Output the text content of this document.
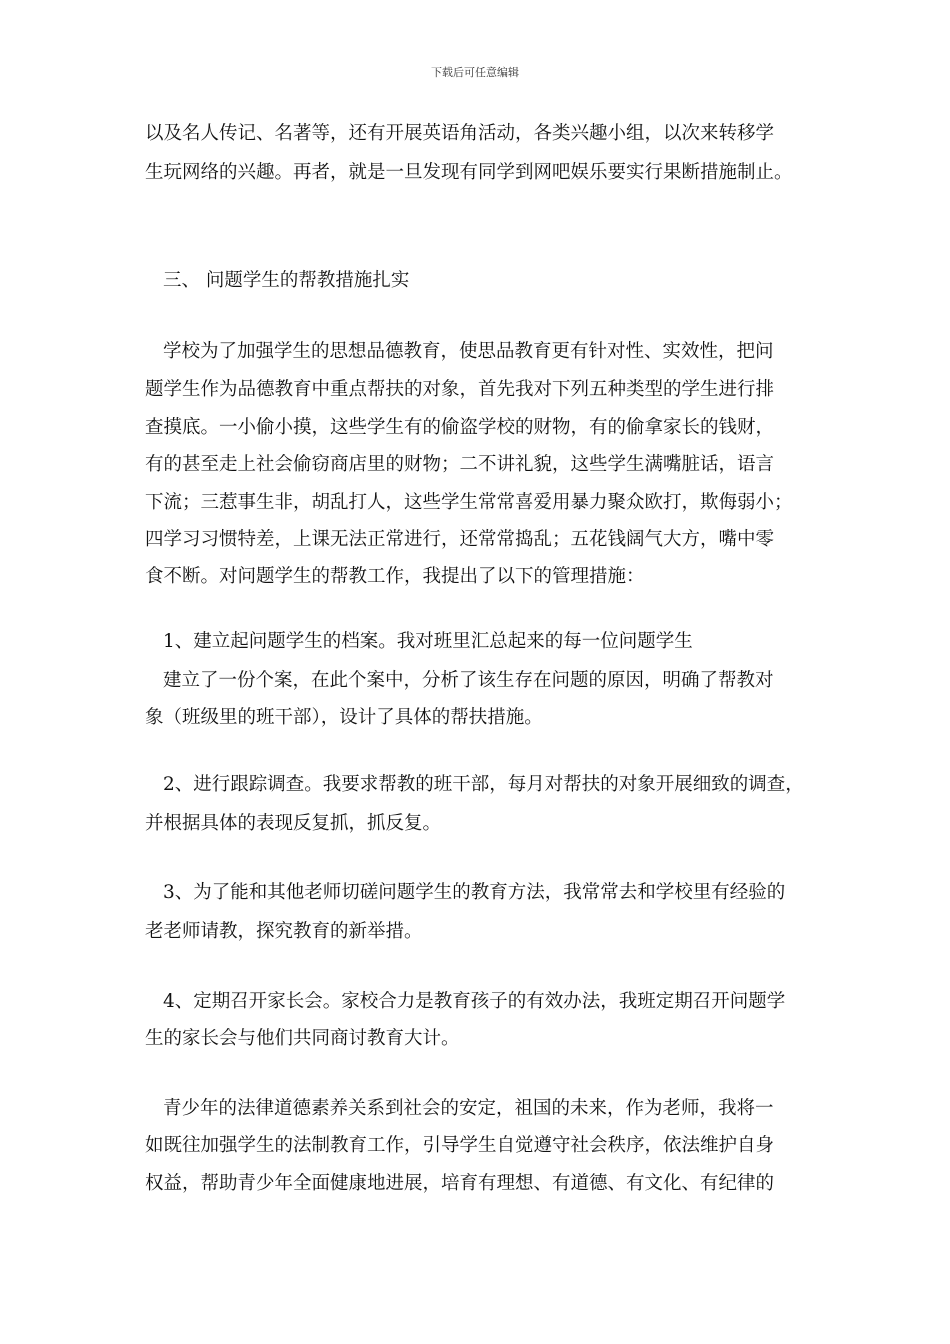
下载后可任意编辑

以及名人传记、名著等，还有开展英语角活动，各类兴趣小组，以次来转移学

生玩网络的兴趣。再者，就是一旦发现有同学到网吧娱乐要实行果断措施制止。

三、 问题学生的帮教措施扎实

学校为了加强学生的思想品德教育，使思品教育更有针对性、实效性，把问

题学生作为品德教育中重点帮扶的对象，首先我对下列五种类型的学生进行排

查摸底。一小偷小摸，这些学生有的偷盗学校的财物，有的偷拿家长的钱财，

有的甚至走上社会偷窃商店里的财物；二不讲礼貌，这些学生满嘴脏话，语言

下流；三惹事生非，胡乱打人，这些学生常常喜爱用暴力聚众欧打，欺侮弱小；

四学习习惯特差，上课无法正常进行，还常常捣乱；五花钱阔气大方，嘴中零

食不断。对问题学生的帮教工作，我提出了以下的管理措施：

1、建立起问题学生的档案。我对班里汇总起来的每一位问题学生

建立了一份个案，在此个案中，分析了该生存在问题的原因，明确了帮教对

象（班级里的班干部），设计了具体的帮扶措施。

2、进行跟踪调查。我要求帮教的班干部，每月对帮扶的对象开展细致的调查，

并根据具体的表现反复抓，抓反复。

3、为了能和其他老师切磋问题学生的教育方法，我常常去和学校里有经验的

老老师请教，探究教育的新举措。

4、定期召开家长会。家校合力是教育孩子的有效办法，我班定期召开问题学

生的家长会与他们共同商讨教育大计。

青少年的法律道德素养关系到社会的安定，祖国的未来，作为老师，我将一

如既往加强学生的法制教育工作，引导学生自觉遵守社会秩序，依法维护自身

权益，帮助青少年全面健康地进展，培育有理想、有道德、有文化、有纪律的
